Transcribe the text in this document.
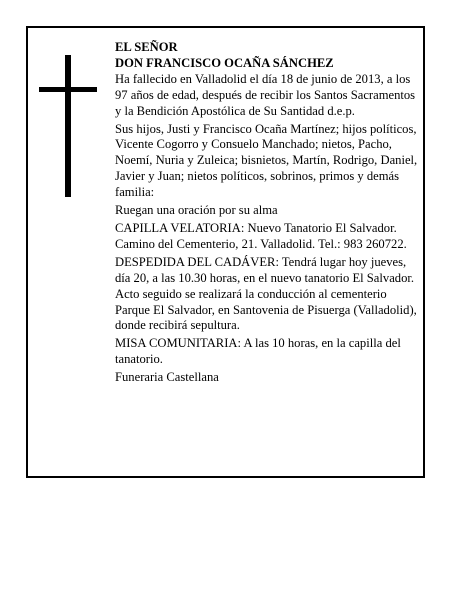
EL SEÑOR

DON FRANCISCO OCAÑA SÁNCHEZ

Ha fallecido en Valladolid el día 18 de junio de 2013, a los 97 años de edad, después de recibir los Santos Sacramentos y la Bendición Apostólica de Su Santidad d.e.p.

Sus hijos, Justi y Francisco Ocaña Martínez; hijos políticos, Vicente Cogorro y Consuelo Manchado; nietos, Pacho, Noemí, Nuria y Zuleica; bisnietos, Martín, Rodrigo, Daniel, Javier y Juan; nietos políticos, sobrinos, primos y demás familia:

Ruegan una oración por su alma

CAPILLA VELATORIA: Nuevo Tanatorio El Salvador. Camino del Cementerio, 21. Valladolid. Tel.: 983 260722.

DESPEDIDA DEL CADÁVER: Tendrá lugar hoy jueves, día 20, a las 10.30 horas, en el nuevo tanatorio El Salvador. Acto seguido se realizará la conducción al cementerio Parque El Salvador, en Santovenia de Pisuerga (Valladolid), donde recibirá sepultura.

MISA COMUNITARIA: A las 10 horas, en la capilla del tanatorio.

Funeraria Castellana
